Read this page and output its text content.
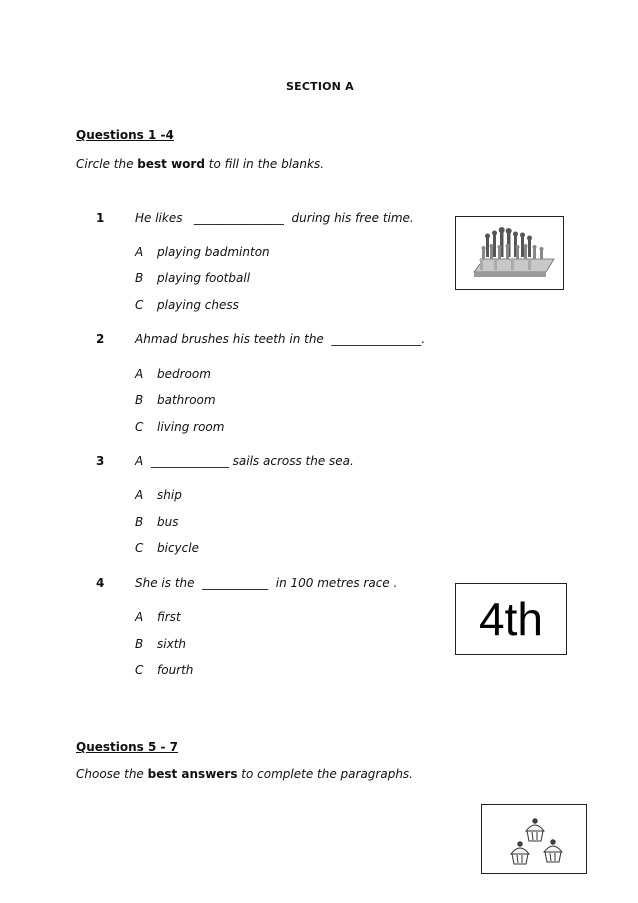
SECTION A
Questions 1 -4
Circle the best word to fill in the blanks.
1	He likes   _______________  during his free time.
A playing badminton
B playing football
C playing chess
2	Ahmad brushes his teeth in the  _______________.
A bedroom
B bathroom
C living room
3	A  _____________ sails across the sea.
A ship
B bus
C bicycle
4	She is the  ___________  in 100 metres race .
A first
B sixth
C fourth
4th
Questions 5 - 7
Choose the best answers to complete the paragraphs.
